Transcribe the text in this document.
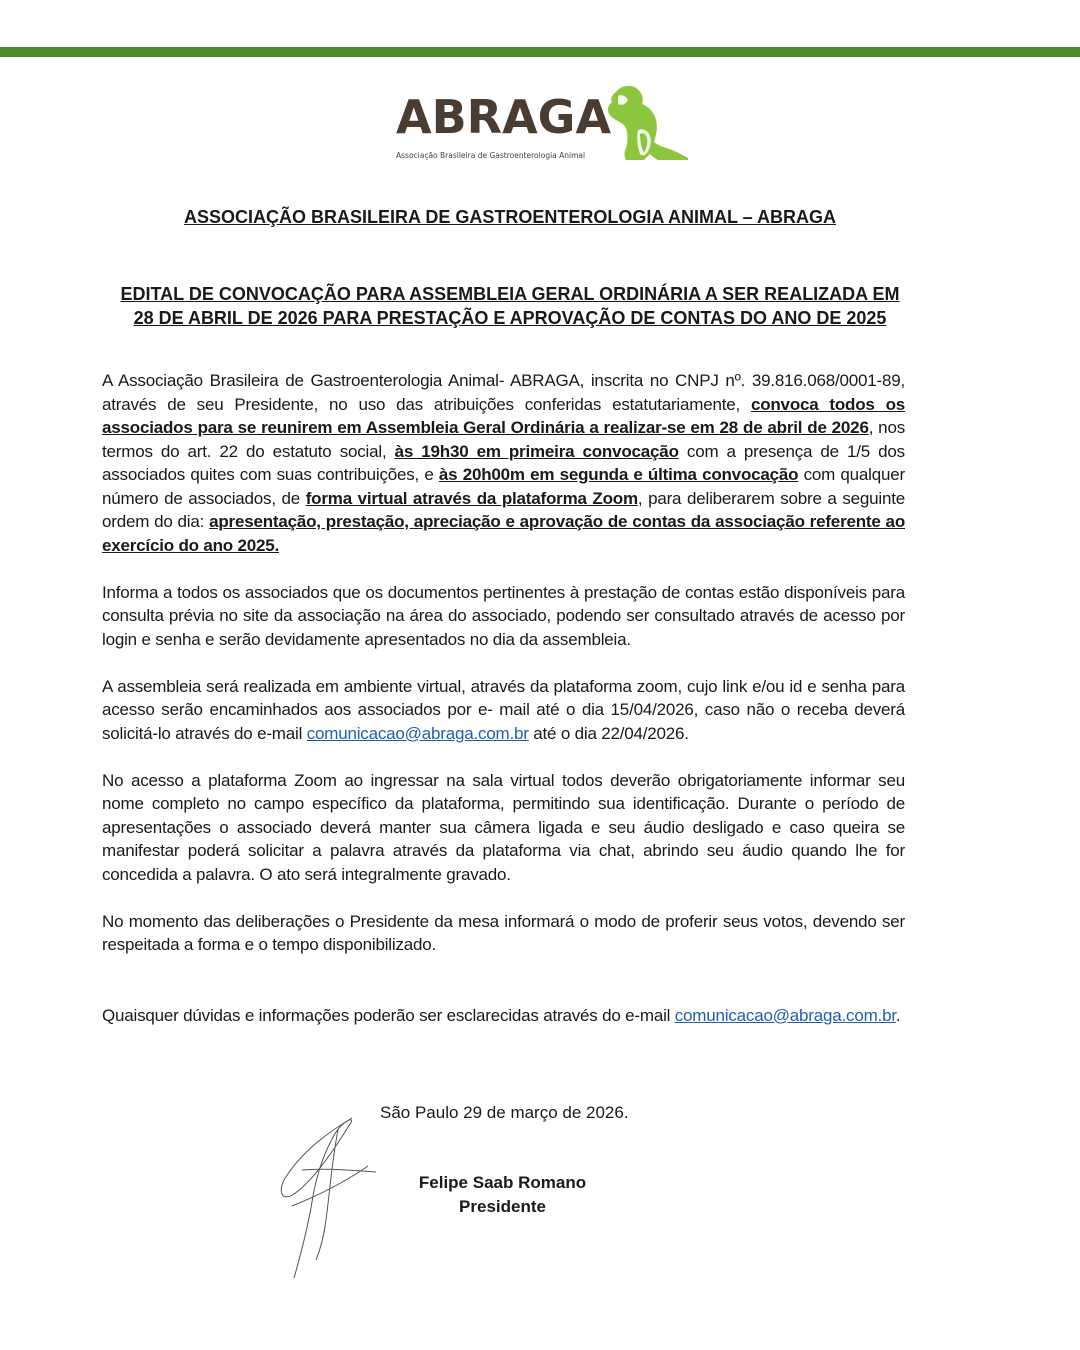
ABRAGA
Associação Brasileira de Gastroenterologia Animal
ASSOCIAÇÃO BRASILEIRA DE GASTROENTEROLOGIA ANIMAL – ABRAGA
EDITAL DE CONVOCAÇÃO PARA ASSEMBLEIA GERAL ORDINÁRIA A SER REALIZADA EM
28 DE ABRIL DE 2026 PARA PRESTAÇÃO E APROVAÇÃO DE CONTAS DO ANO DE 2025

A Associação Brasileira de Gastroenterologia Animal- ABRAGA, inscrita no CNPJ nº. 39.816.068/0001-89, através de seu Presidente, no uso das atribuições conferidas estatutariamente, convoca todos os associados para se reunirem em Assembleia Geral Ordinária a realizar-se em 28 de abril de 2026, nos termos do art. 22 do estatuto social, às 19h30 em primeira convocação com a presença de 1/5 dos associados quites com suas contribuições, e às 20h00m em segunda e última convocação com qualquer número de associados, de forma virtual através da plataforma Zoom, para deliberarem sobre a seguinte ordem do dia: apresentação, prestação, apreciação e aprovação de contas da associação referente ao exercício do ano 2025.

Informa a todos os associados que os documentos pertinentes à prestação de contas estão disponíveis para consulta prévia no site da associação na área do associado, podendo ser consultado através de acesso por login e senha e serão devidamente apresentados no dia da assembleia.

A assembleia será realizada em ambiente virtual, através da plataforma zoom, cujo link e/ou id e senha para acesso serão encaminhados aos associados por e- mail até o dia 15/04/2026, caso não o receba deverá solicitá-lo através do e-mail comunicacao@abraga.com.br até o dia 22/04/2026.

No acesso a plataforma Zoom ao ingressar na sala virtual todos deverão obrigatoriamente informar seu nome completo no campo específico da plataforma, permitindo sua identificação. Durante o período de apresentações o associado deverá manter sua câmera ligada e seu áudio desligado e caso queira se manifestar poderá solicitar a palavra através da plataforma via chat, abrindo seu áudio quando lhe for concedida a palavra. O ato será integralmente gravado.

No momento das deliberações o Presidente da mesa informará o modo de proferir seus votos, devendo ser respeitada a forma e o tempo disponibilizado.

Quaisquer dúvidas e informações poderão ser esclarecidas através do e-mail comunicacao@abraga.com.br.

São Paulo 29 de março de 2026.
Felipe Saab Romano
Presidente
